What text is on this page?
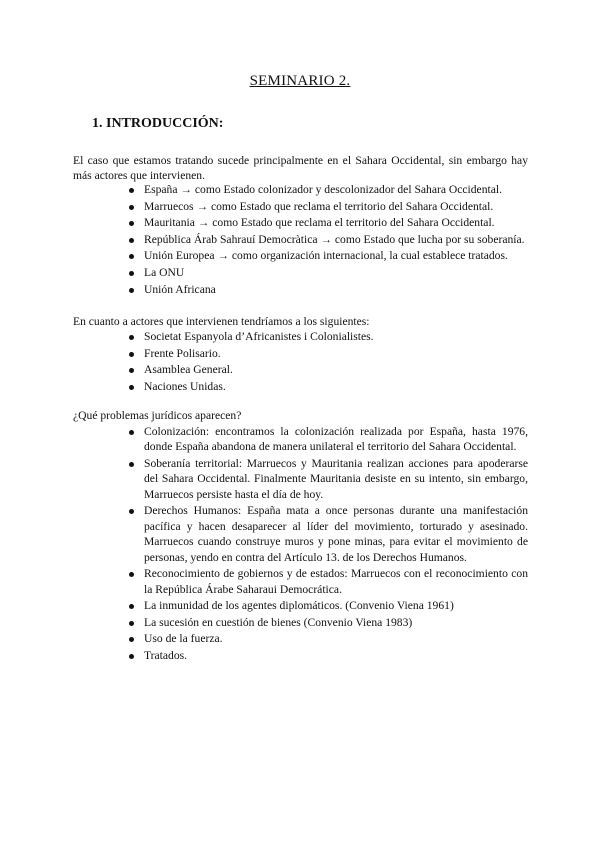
SEMINARIO 2.
1. INTRODUCCIÓN:
El caso que estamos tratando sucede principalmente en el Sahara Occidental, sin embargo hay más actores que intervienen.
España → como Estado colonizador y descolonizador del Sahara Occidental.
Marruecos → como Estado que reclama el territorio del Sahara Occidental.
Mauritania → como Estado que reclama el territorio del Sahara Occidental.
República Árab Sahrauí Democràtica → como Estado que lucha por su soberanía.
Unión Europea → como organización internacional, la cual establece tratados.
La ONU
Unión Africana
En cuanto a actores que intervienen tendríamos a los siguientes:
Societat Espanyola d’Africanistes i Colonialistes.
Frente Polisario.
Asamblea General.
Naciones Unidas.
¿Qué problemas jurídicos aparecen?
Colonización: encontramos la colonización realizada por España, hasta 1976, donde España abandona de manera unilateral el territorio del Sahara Occidental.
Soberanía territorial: Marruecos y Mauritania realizan acciones para apoderarse del Sahara Occidental. Finalmente Mauritania desiste en su intento, sin embargo, Marruecos persiste hasta el día de hoy.
Derechos Humanos: España mata a once personas durante una manifestación pacífica y hacen desaparecer al líder del movimiento, torturado y asesinado. Marruecos cuando construye muros y pone minas, para evitar el movimiento de personas, yendo en contra del Artículo 13. de los Derechos Humanos.
Reconocimiento de gobiernos y de estados: Marruecos con el reconocimiento con la República Árabe Saharaui Democrática.
La inmunidad de los agentes diplomáticos. (Convenio Viena 1961)
La sucesión en cuestión de bienes (Convenio Viena 1983)
Uso de la fuerza.
Tratados.
